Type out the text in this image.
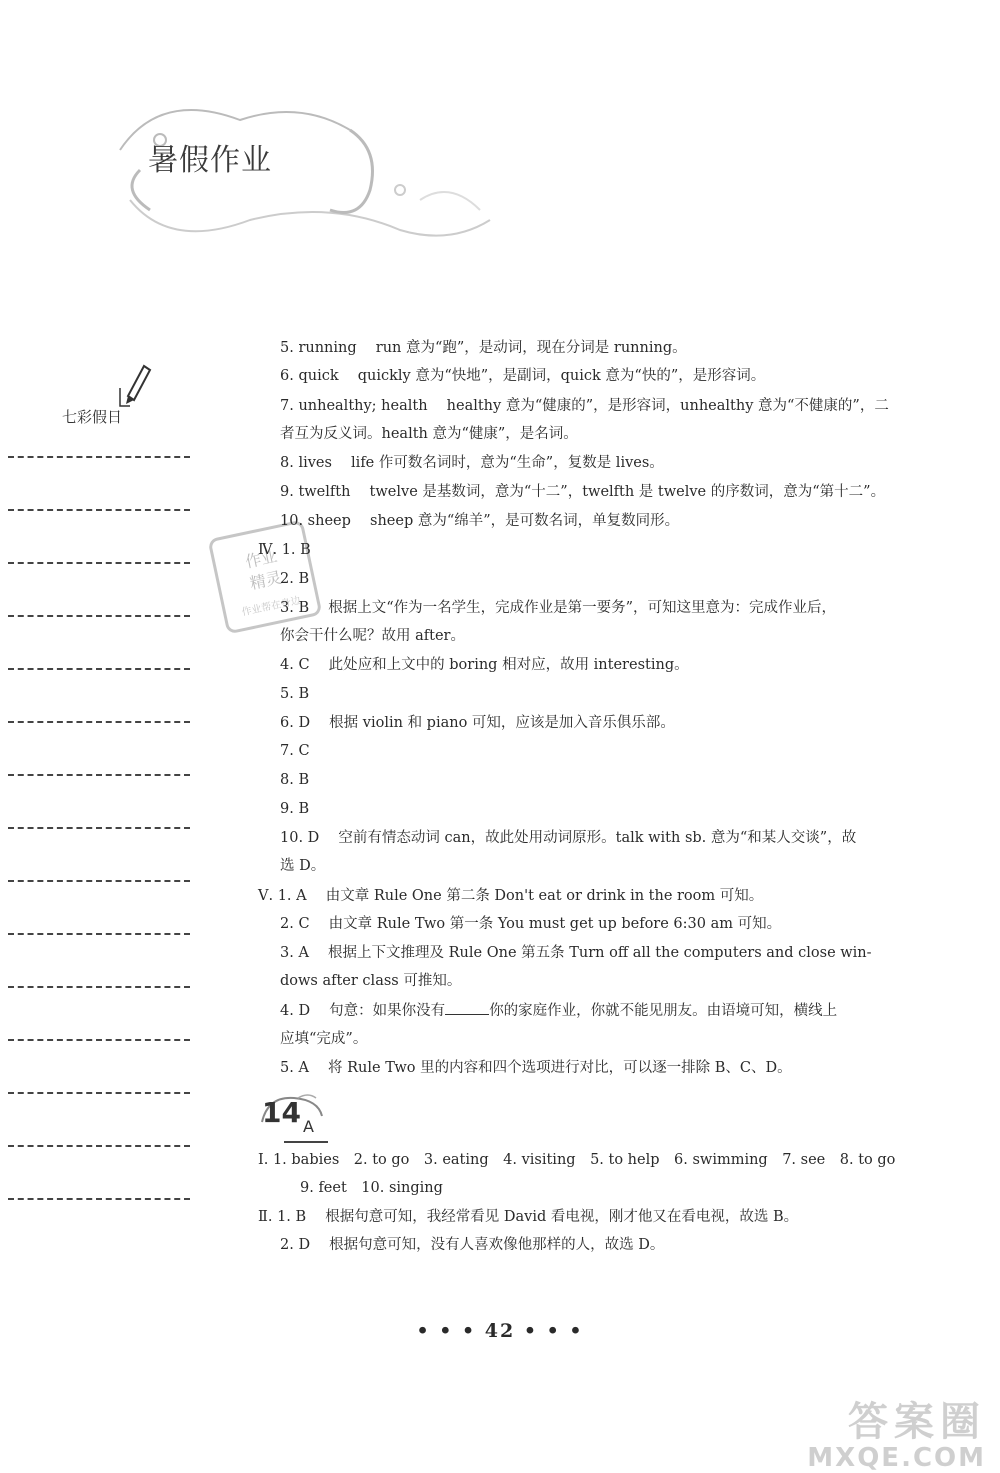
暑假作业
七彩假日
作业
精灵
作业帮在身边
5. running　 run 意为“跑”，是动词，现在分词是 running。
6. quick　 quickly 意为“快地”，是副词，quick 意为“快的”，是形容词。
7. unhealthy; health　 healthy 意为“健康的”，是形容词，unhealthy 意为“不健康的”，二
者互为反义词。health 意为“健康”，是名词。
8. lives　 life 作可数名词时，意为“生命”，复数是 lives。
9. twelfth　 twelve 是基数词，意为“十二”，twelfth 是 twelve 的序数词，意为“第十二”。
10. sheep　 sheep 意为“绵羊”，是可数名词，单复数同形。
Ⅳ. 1. B
2. B
3. B　 根据上文“作为一名学生，完成作业是第一要务”，可知这里意为：完成作业后，
你会干什么呢？故用 after。
4. C　 此处应和上文中的 boring 相对应，故用 interesting。
5. B
6. D　 根据 violin 和 piano 可知，应该是加入音乐俱乐部。
7. C
8. B
9. B
10. D　 空前有情态动词 can，故此处用动词原形。talk with sb. 意为“和某人交谈”，故
选 D。
Ⅴ. 1. A　 由文章 Rule One 第二条 Don't eat or drink in the room 可知。
2. C　 由文章 Rule Two 第一条 You must get up before 6:30 am 可知。
3. A　 根据上下文推理及 Rule One 第五条 Turn off all the computers and close win-
dows after class 可推知。
4. D　 句意：如果你没有	你的家庭作业，你就不能见朋友。由语境可知，横线上
应填“完成”。
5. A　 将 Rule Two 里的内容和四个选项进行对比，可以逐一排除 B、C、D。
14 A
Ⅰ. 1. babies　2. to go　3. eating　4. visiting　5. to help　6. swimming　7. see　8. to go
9. feet　10. singing
Ⅱ. 1. B　 根据句意可知，我经常看见 David 看电视，刚才他又在看电视，故选 B。
2. D　 根据句意可知，没有人喜欢像他那样的人，故选 D。
• • • 42 • • •
答案圈
MXQE.COM
